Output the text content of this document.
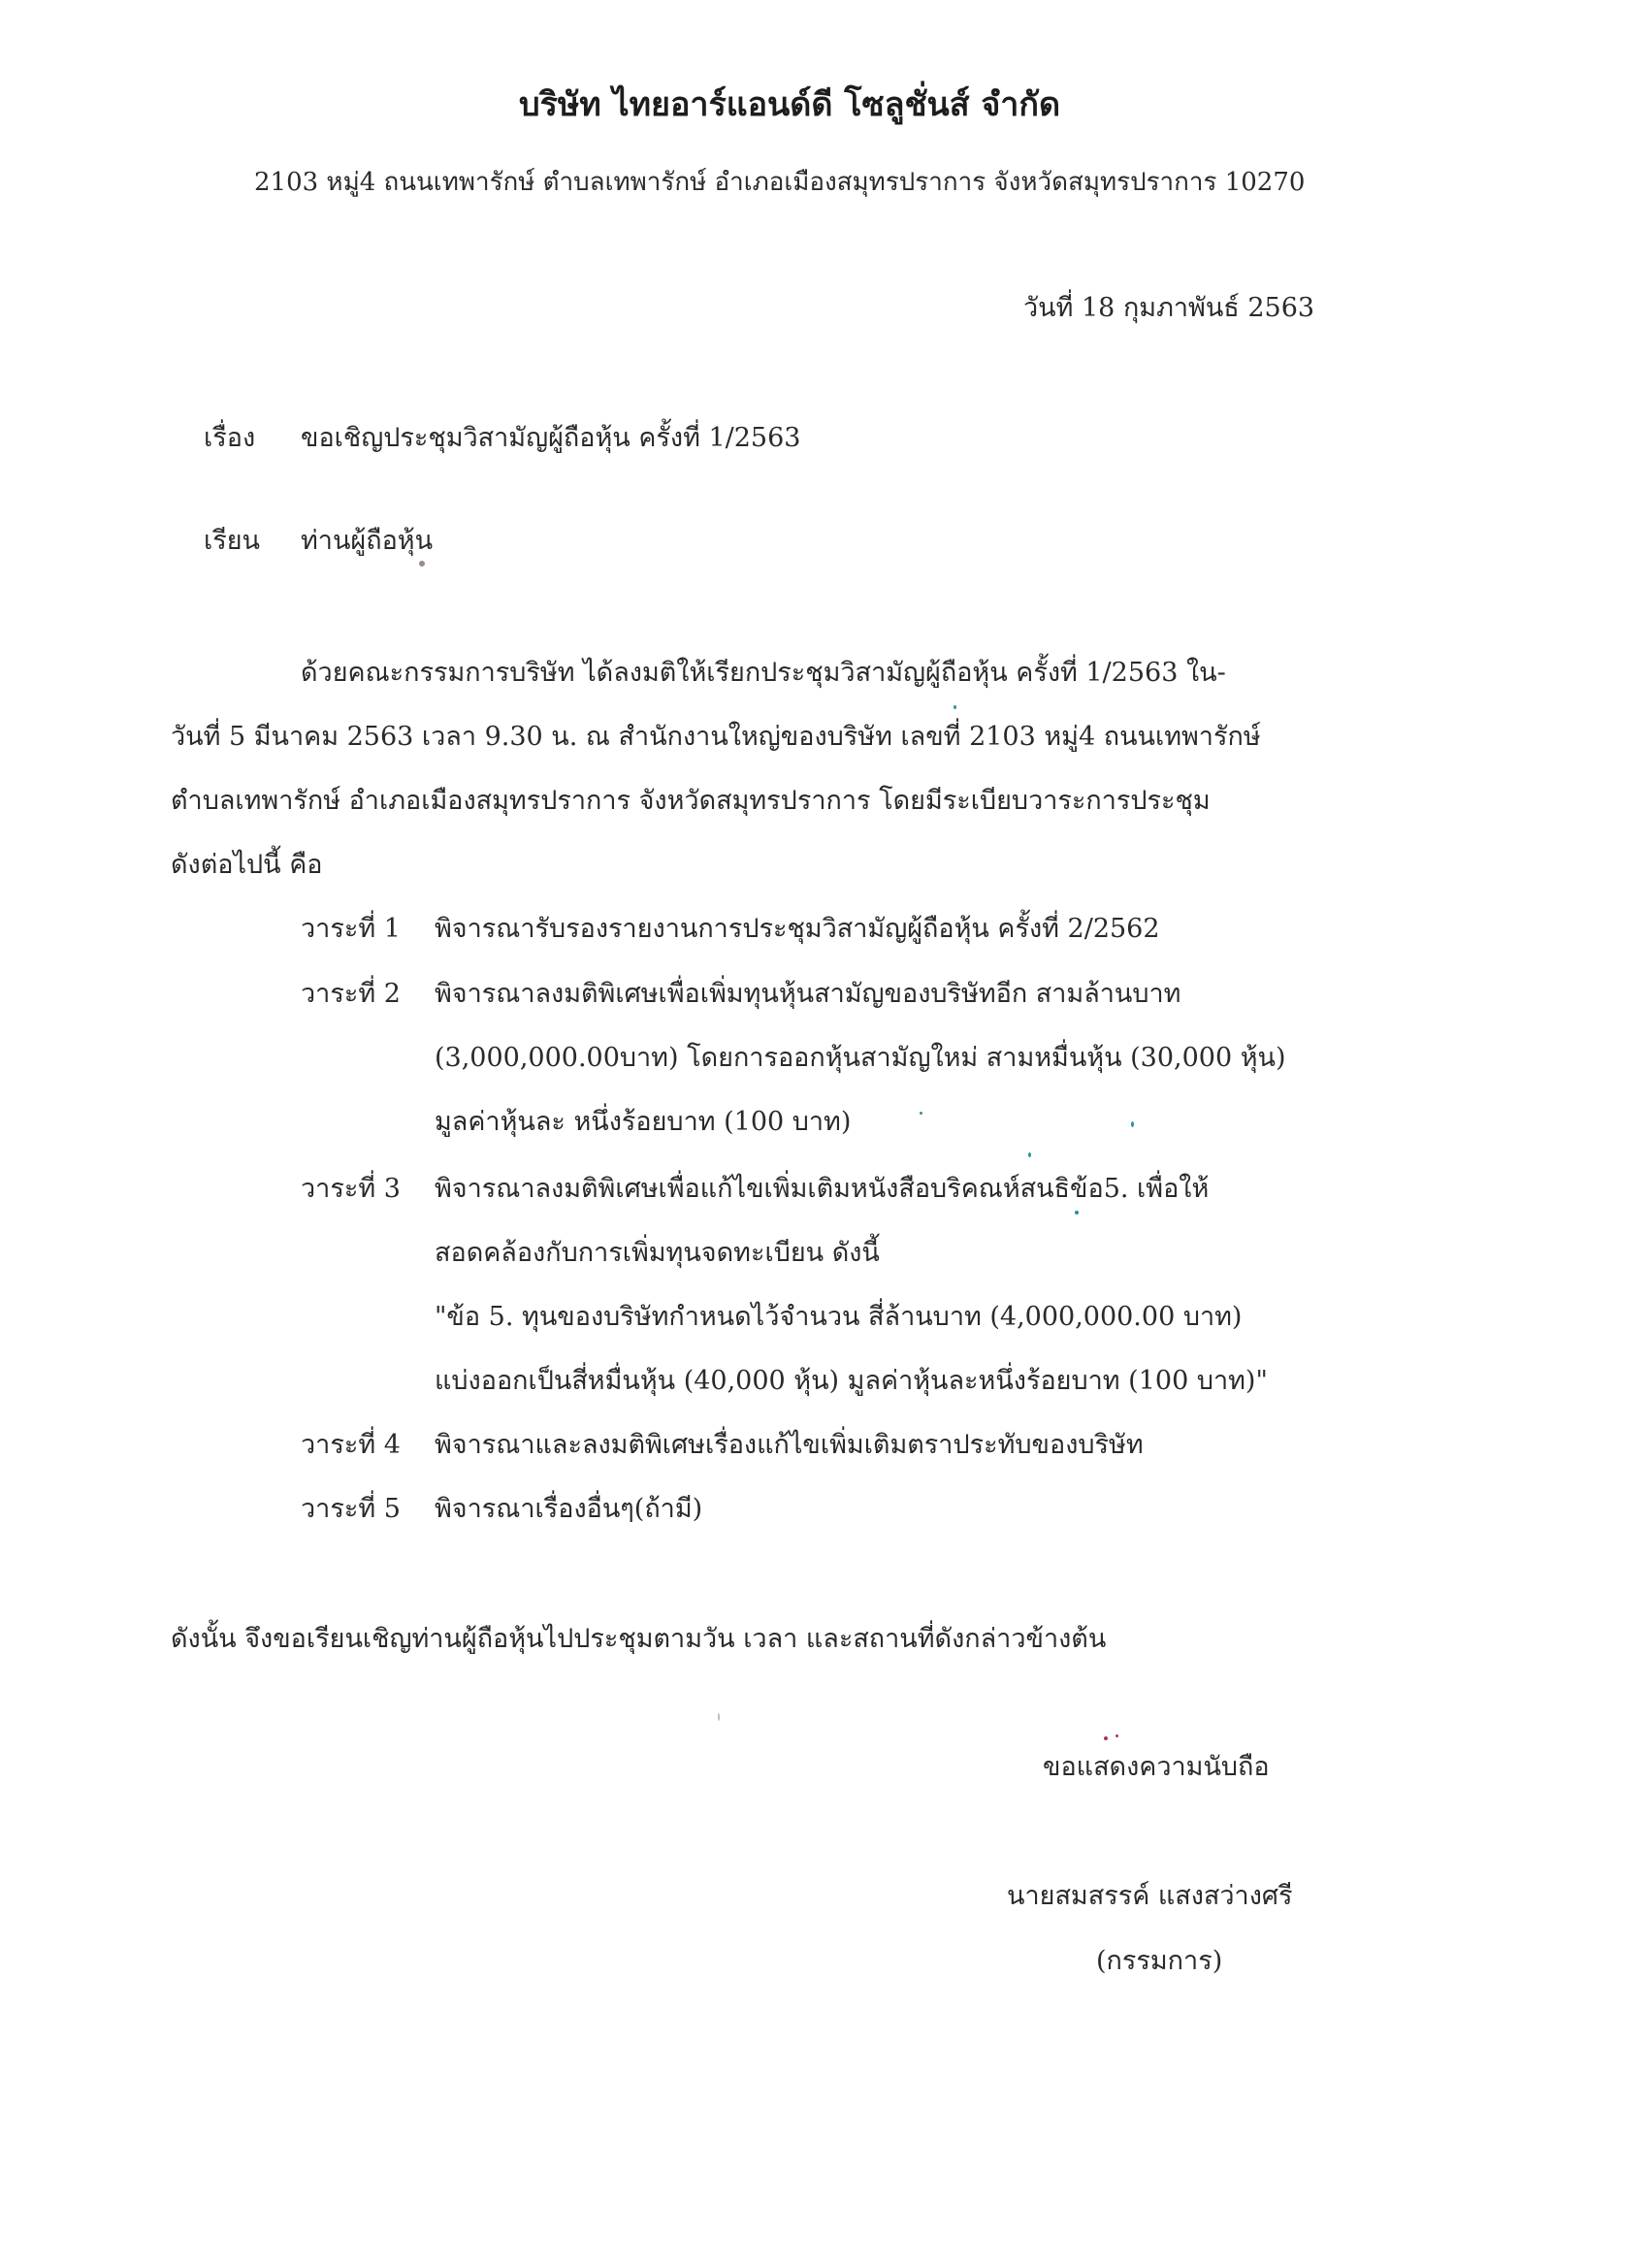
บริษัท ไทยอาร์แอนด์ดี โซลูชั่นส์ จำกัด
2103 หมู่4 ถนนเทพารักษ์ ตำบลเทพารักษ์ อำเภอเมืองสมุทรปราการ จังหวัดสมุทรปราการ 10270
วันที่ 18 กุมภาพันธ์ 2563
เรื่อง ขอเชิญประชุมวิสามัญผู้ถือหุ้น ครั้งที่ 1/2563
เรียน ท่านผู้ถือหุ้น
ด้วยคณะกรรมการบริษัท ได้ลงมติให้เรียกประชุมวิสามัญผู้ถือหุ้น ครั้งที่ 1/2563 ใน-
วันที่ 5 มีนาคม 2563 เวลา 9.30 น. ณ สำนักงานใหญ่ของบริษัท เลขที่ 2103 หมู่4 ถนนเทพารักษ์
ตำบลเทพารักษ์ อำเภอเมืองสมุทรปราการ จังหวัดสมุทรปราการ โดยมีระเบียบวาระการประชุม
ดังต่อไปนี้ คือ
วาระที่ 1 พิจารณารับรองรายงานการประชุมวิสามัญผู้ถือหุ้น ครั้งที่ 2/2562
วาระที่ 2 พิจารณาลงมติพิเศษเพื่อเพิ่มทุนหุ้นสามัญของบริษัทอีก สามล้านบาท
(3,000,000.00บาท) โดยการออกหุ้นสามัญใหม่ สามหมื่นหุ้น (30,000 หุ้น)
มูลค่าหุ้นละ หนึ่งร้อยบาท (100 บาท)
วาระที่ 3 พิจารณาลงมติพิเศษเพื่อแก้ไขเพิ่มเติมหนังสือบริคณห์สนธิข้อ5. เพื่อให้
สอดคล้องกับการเพิ่มทุนจดทะเบียน ดังนี้
"ข้อ 5. ทุนของบริษัทกำหนดไว้จำนวน สี่ล้านบาท (4,000,000.00 บาท)
แบ่งออกเป็นสี่หมื่นหุ้น (40,000 หุ้น) มูลค่าหุ้นละหนึ่งร้อยบาท (100 บาท)"
วาระที่ 4 พิจารณาและลงมติพิเศษเรื่องแก้ไขเพิ่มเติมตราประทับของบริษัท
วาระที่ 5 พิจารณาเรื่องอื่นๆ(ถ้ามี)
ดังนั้น จึงขอเรียนเชิญท่านผู้ถือหุ้นไปประชุมตามวัน เวลา และสถานที่ดังกล่าวข้างต้น
ขอแสดงความนับถือ
นายสมสรรค์ แสงสว่างศรี
(กรรมการ)
